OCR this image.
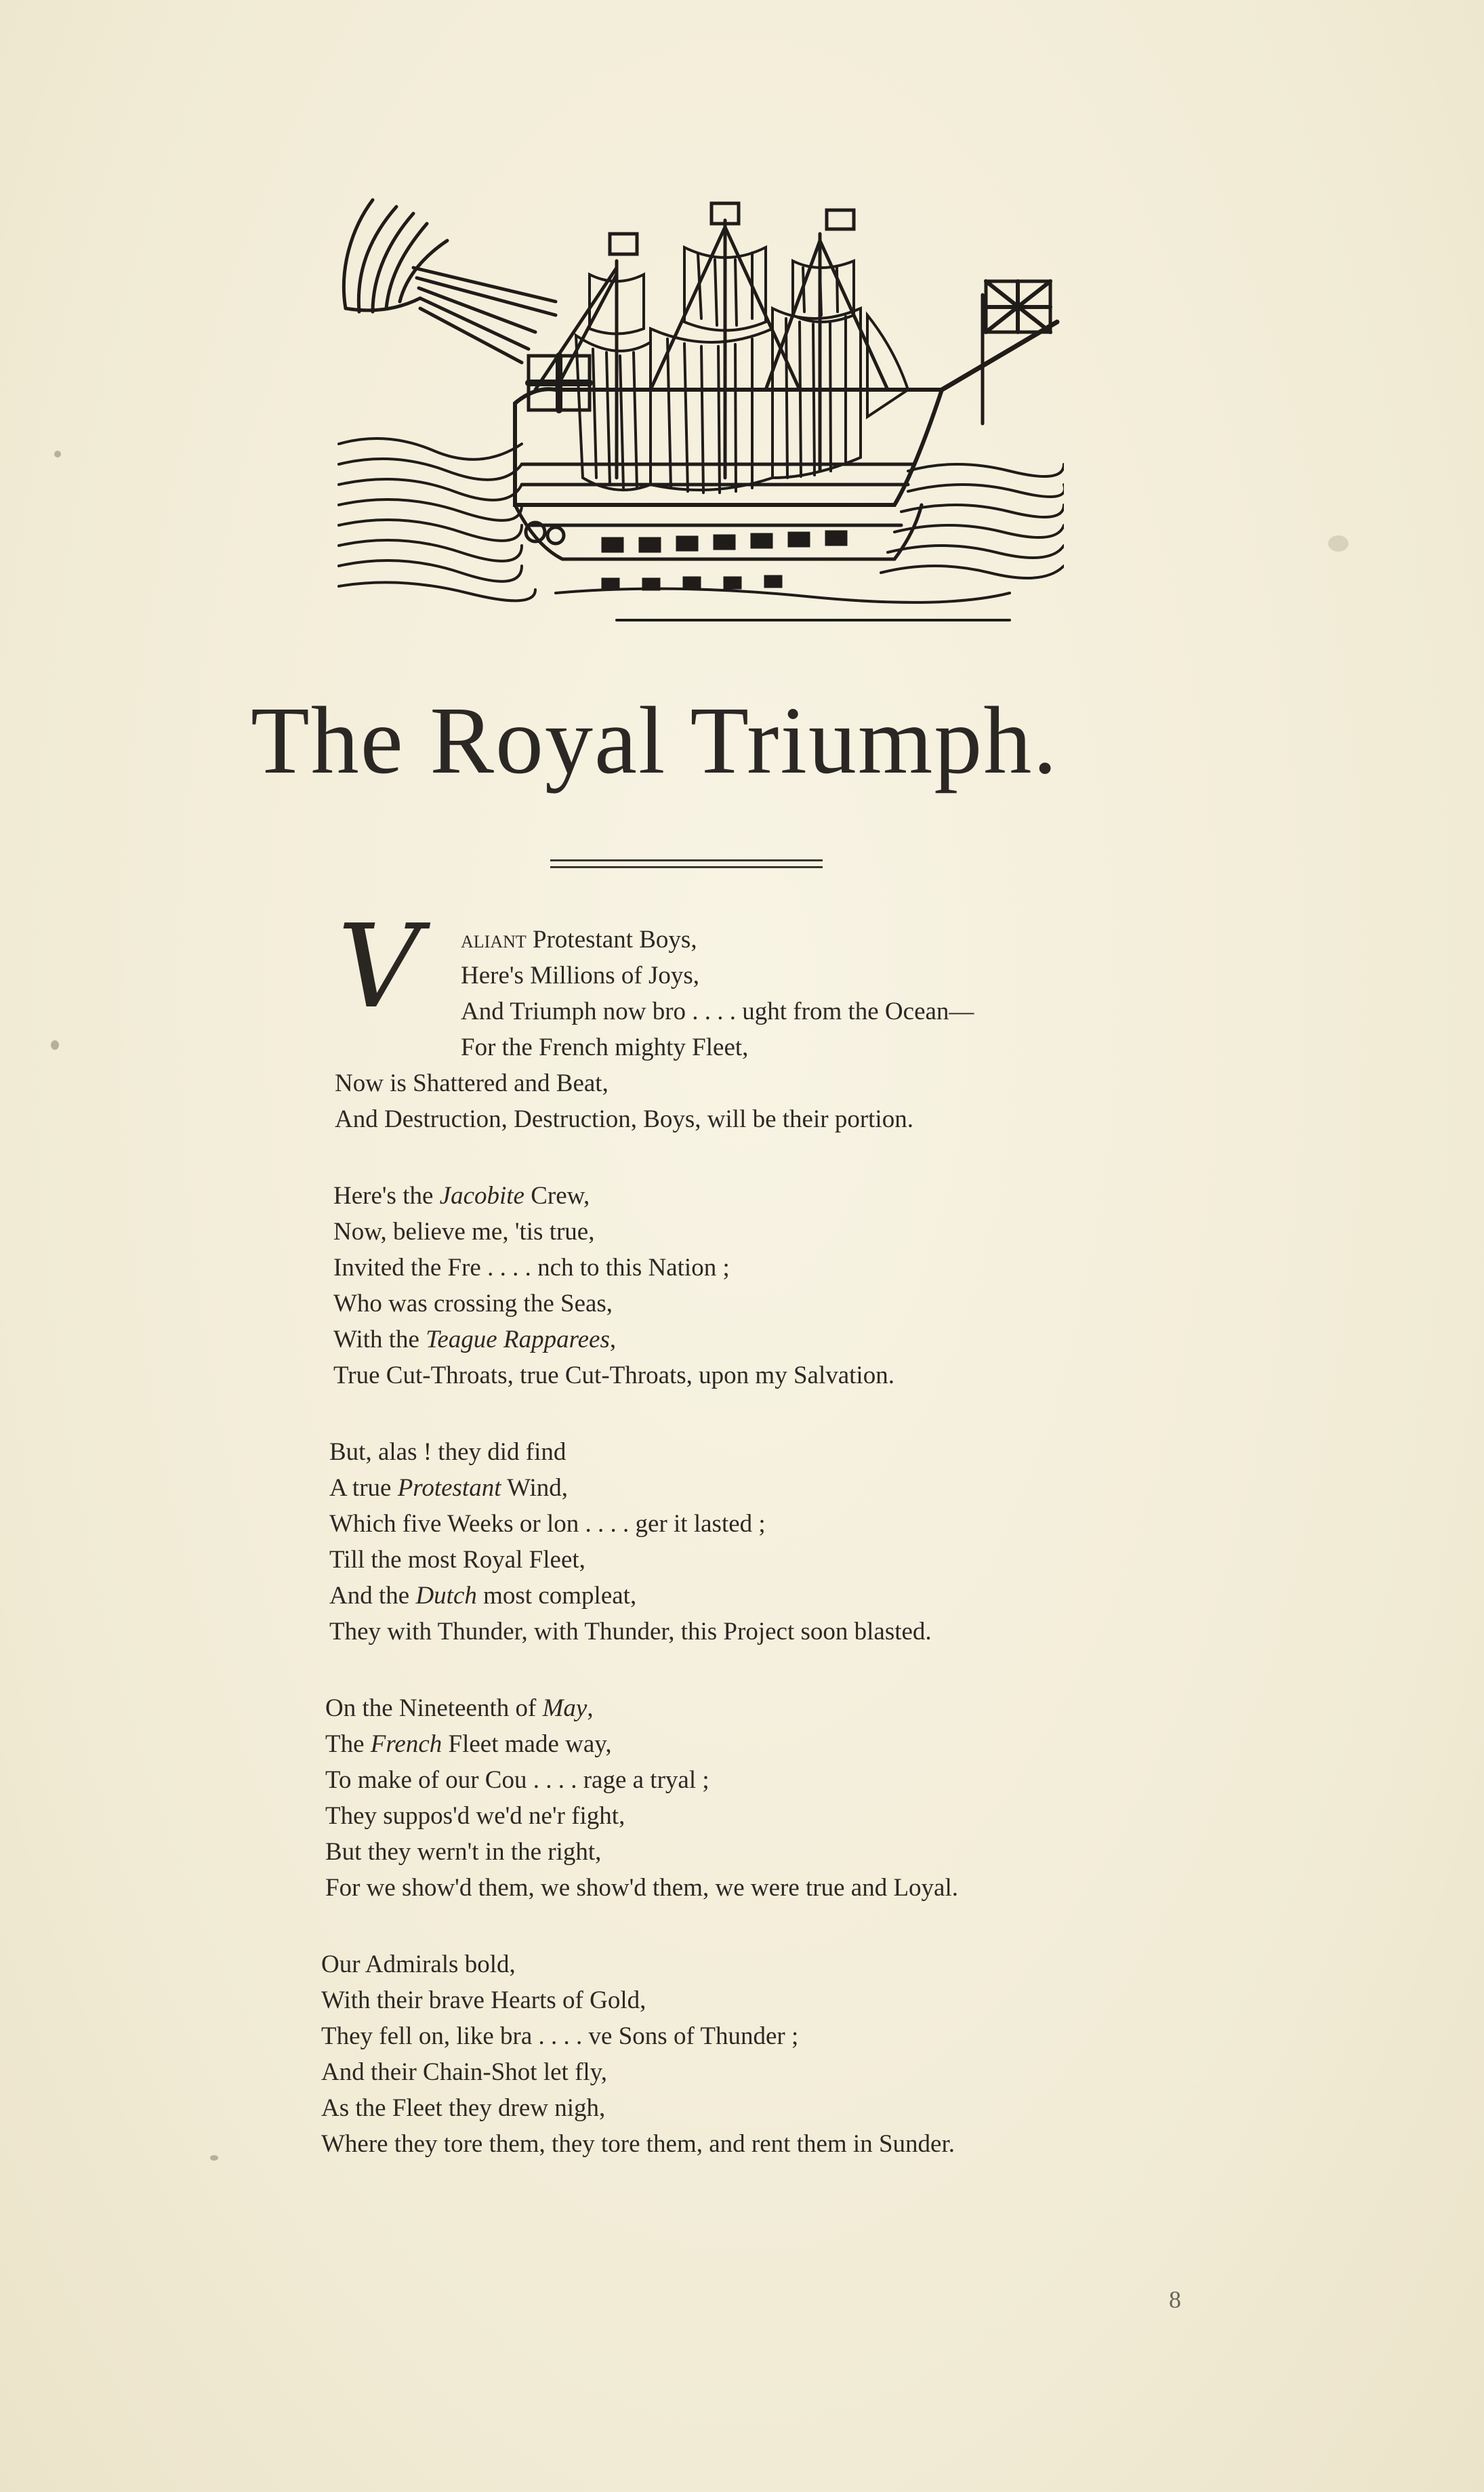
The Royal Triumph.
V	aliant Protestant Boys,
Here's Millions of Joys,
And Triumph now bro . . . . ught from the Ocean—
For the French mighty Fleet,
Now is Shattered and Beat,
And Destruction, Destruction, Boys, will be their portion.
Here's the Jacobite Crew,
Now, believe me, 'tis true,
Invited the Fre . . . . nch to this Nation ;
Who was crossing the Seas,
With the Teague Rapparees,
True Cut-Throats, true Cut-Throats, upon my Salvation.
But, alas ! they did find
A true Protestant Wind,
Which five Weeks or lon . . . . ger it lasted ;
Till the most Royal Fleet,
And the Dutch most compleat,
They with Thunder, with Thunder, this Project soon blasted.
On the Nineteenth of May,
The French Fleet made way,
To make of our Cou . . . . rage a tryal ;
They suppos'd we'd ne'r fight,
But they wern't in the right,
For we show'd them, we show'd them, we were true and Loyal.
Our Admirals bold,
With their brave Hearts of Gold,
They fell on, like bra . . . . ve Sons of Thunder ;
And their Chain-Shot let fly,
As the Fleet they drew nigh,
Where they tore them, they tore them, and rent them in Sunder.
8
